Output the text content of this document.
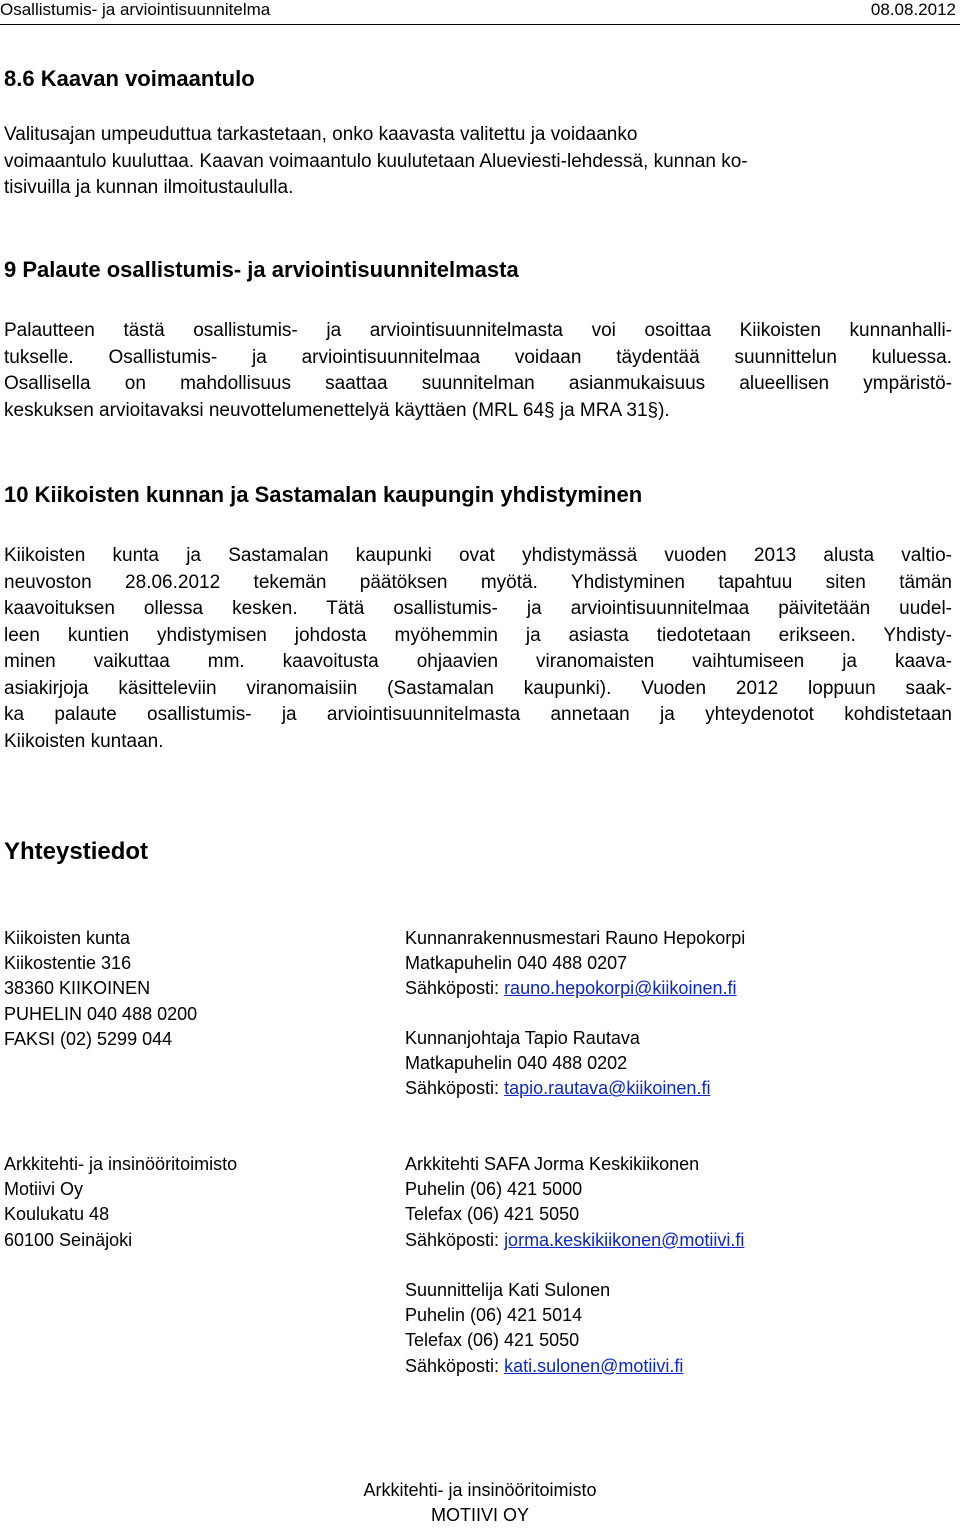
Osallistumis- ja arviointisuunnitelma	08.08.2012
8.6 Kaavan voimaantulo
Valitusajan umpeuduttua tarkastetaan, onko kaavasta valitettu ja voidaanko
voimaantulo kuuluttaa. Kaavan voimaantulo kuulutetaan Alueviesti-lehdessä, kunnan ko-
tisivuilla ja kunnan ilmoitustaululla.
9 Palaute osallistumis- ja arviointisuunnitelmasta
Palautteen tästä osallistumis- ja arviointisuunnitelmasta voi osoittaa Kiikoisten kunnanhalli-
tukselle. Osallistumis- ja arviointisuunnitelmaa voidaan täydentää suunnittelun kuluessa.
Osallisella on mahdollisuus saattaa suunnitelman asianmukaisuus alueellisen ympäristö-
keskuksen arvioitavaksi neuvottelumenettelyä käyttäen (MRL 64§ ja MRA 31§).
10 Kiikoisten kunnan ja Sastamalan kaupungin yhdistyminen
Kiikoisten kunta ja Sastamalan kaupunki ovat yhdistymässä vuoden 2013 alusta valtio-
neuvoston 28.06.2012 tekemän päätöksen myötä. Yhdistyminen tapahtuu siten tämän
kaavoituksen ollessa kesken. Tätä osallistumis- ja arviointisuunnitelmaa päivitetään uudel-
leen kuntien yhdistymisen johdosta myöhemmin ja asiasta tiedotetaan erikseen. Yhdisty-
minen vaikuttaa mm. kaavoitusta ohjaavien viranomaisten vaihtumiseen ja kaava-
asiakirjoja käsitteleviin viranomaisiin (Sastamalan kaupunki). Vuoden 2012 loppuun saak-
ka palaute osallistumis- ja arviointisuunnitelmasta annetaan ja yhteydenotot kohdistetaan
Kiikoisten kuntaan.
Yhteystiedot
Kiikoisten kunta
Kiikostentie 316
38360 KIIKOINEN
PUHELIN 040 488 0200
FAKSI (02) 5299 044
Kunnanrakennusmestari Rauno Hepokorpi
Matkapuhelin 040 488 0207
Sähköposti: rauno.hepokorpi@kiikoinen.fi
Kunnanjohtaja Tapio Rautava
Matkapuhelin 040 488 0202
Sähköposti: tapio.rautava@kiikoinen.fi
Arkkitehti- ja insinööritoimisto
Motiivi Oy
Koulukatu 48
60100 Seinäjoki
Arkkitehti SAFA Jorma Keskikiikonen
Puhelin (06) 421 5000
Telefax (06) 421 5050
Sähköposti: jorma.keskikiikonen@motiivi.fi
Suunnittelija Kati Sulonen
Puhelin (06) 421 5014
Telefax (06) 421 5050
Sähköposti: kati.sulonen@motiivi.fi
Arkkitehti- ja insinööritoimisto
MOTIIVI OY
